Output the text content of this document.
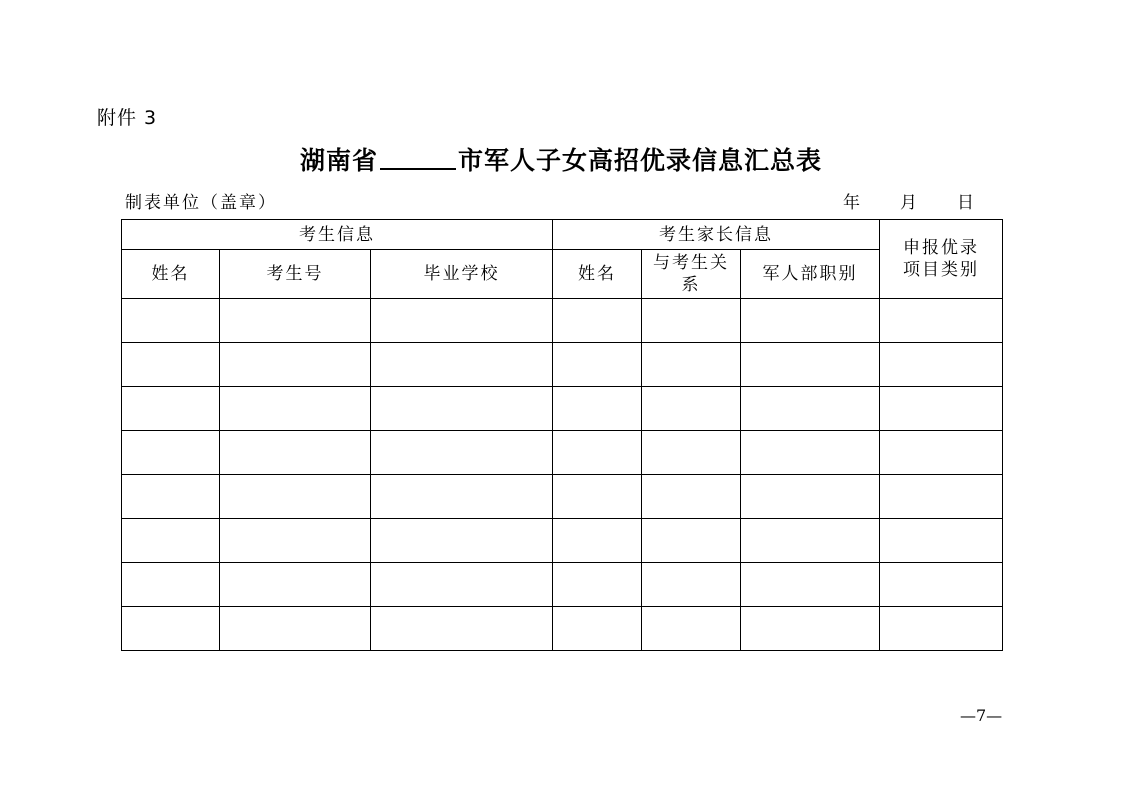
附件 3
湖南省	市军人子女高招优录信息汇总表
制表单位（盖章）	年 月 日
考生信息			考生家长信息			申报优录项目类别
姓名	考生号	毕业学校	姓名	与考生关系	军人部职别	

—7—
